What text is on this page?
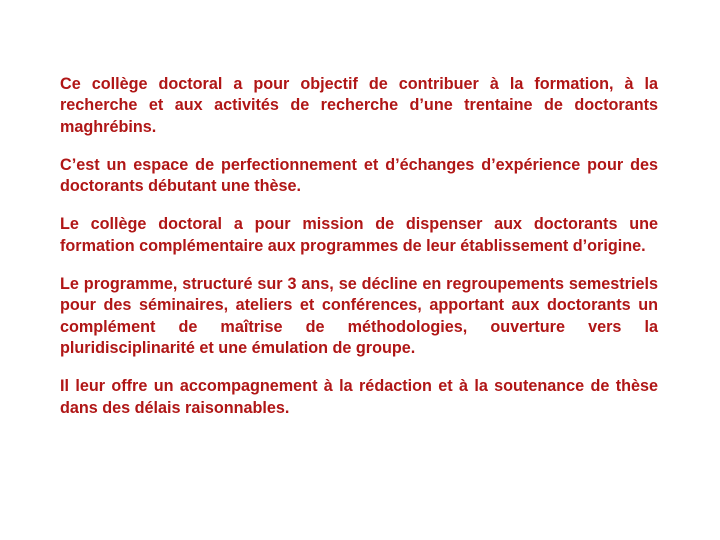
Ce collège doctoral a pour objectif de contribuer à la formation, à la recherche et aux activités de recherche d’une trentaine de doctorants maghrébins.

C’est un espace de perfectionnement et d’échanges d’expérience pour des doctorants débutant une thèse.

Le collège doctoral a pour mission de dispenser aux doctorants une formation complémentaire aux programmes de leur établissement d’origine.

Le programme, structuré sur 3 ans, se décline en regroupements semestriels pour des séminaires, ateliers et conférences, apportant aux doctorants un complément de maîtrise de méthodologies, ouverture vers la pluridisciplinarité et une émulation de groupe.

Il leur offre un accompagnement à la rédaction et à la soutenance de thèse dans des délais raisonnables.
